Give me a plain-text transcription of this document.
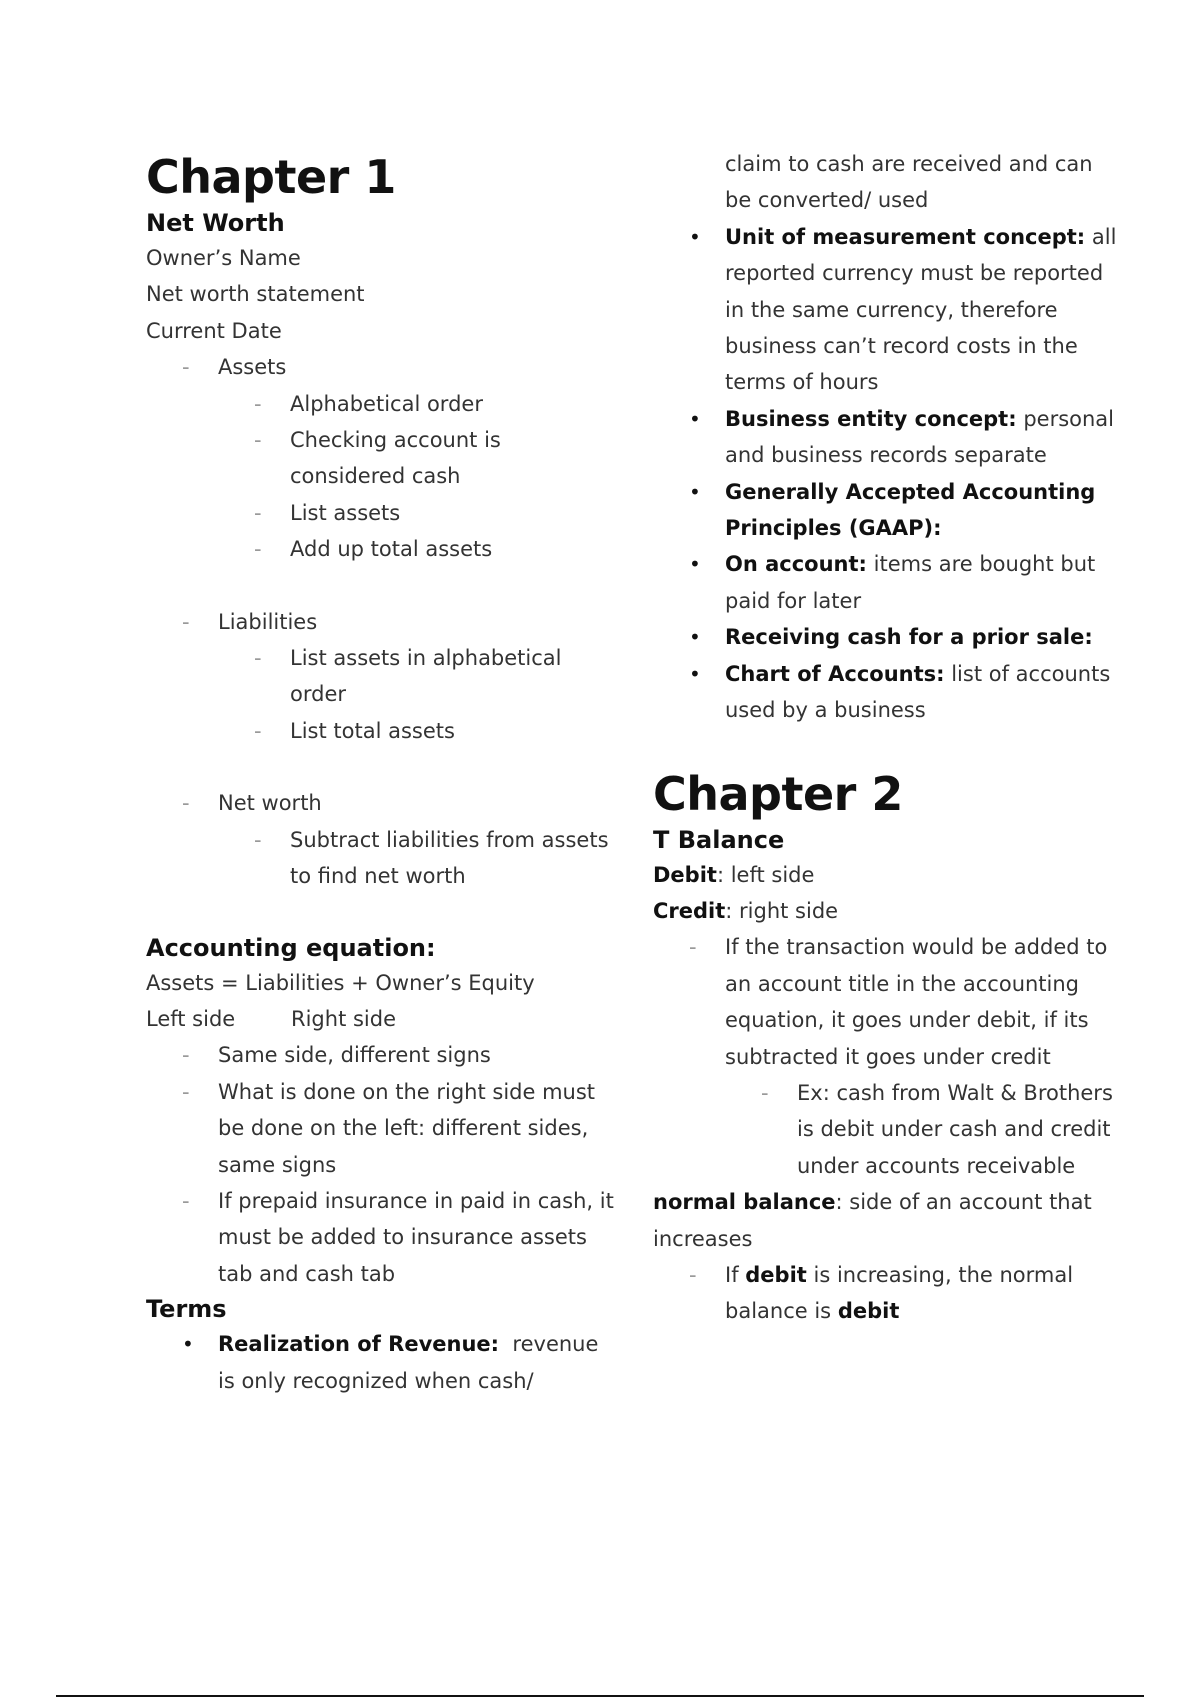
Chapter 1
Net Worth

Owner’s Name

Net worth statement

Current Date

- Assets
- Alphabetical order
- Checking account is considered cash
- List assets
- Add up total assets
- Liabilities
- List assets in alphabetical order
- List total assets
- Net worth
- Subtract liabilities from assets to find net worth
Accounting equation:

Assets = Liabilities + Owner’s Equity

Left side	Right side

- Same side, different signs
- What is done on the right side must be done on the left: different sides, same signs
- If prepaid insurance in paid in cash, it must be added to insurance assets tab and cash tab
Terms
• Realization of Revenue: revenue is only recognized when cash/

claim to cash are received and can be converted/ used

• Unit of measurement concept: all reported currency must be reported in the same currency, therefore business can’t record costs in the terms of hours
• Business entity concept: personal and business records separate
• Generally Accepted Accounting Principles (GAAP):
• On account: items are bought but paid for later
• Receiving cash for a prior sale:
• Chart of Accounts: list of accounts used by a business
Chapter 2
T Balance

Debit: left side

Credit: right side

- If the transaction would be added to an account title in the accounting equation, it goes under debit, if its subtracted it goes under credit
- Ex: cash from Walt & Brothers is debit under cash and credit under accounts receivable

normal balance: side of an account that increases

- If debit is increasing, the normal balance is debit
